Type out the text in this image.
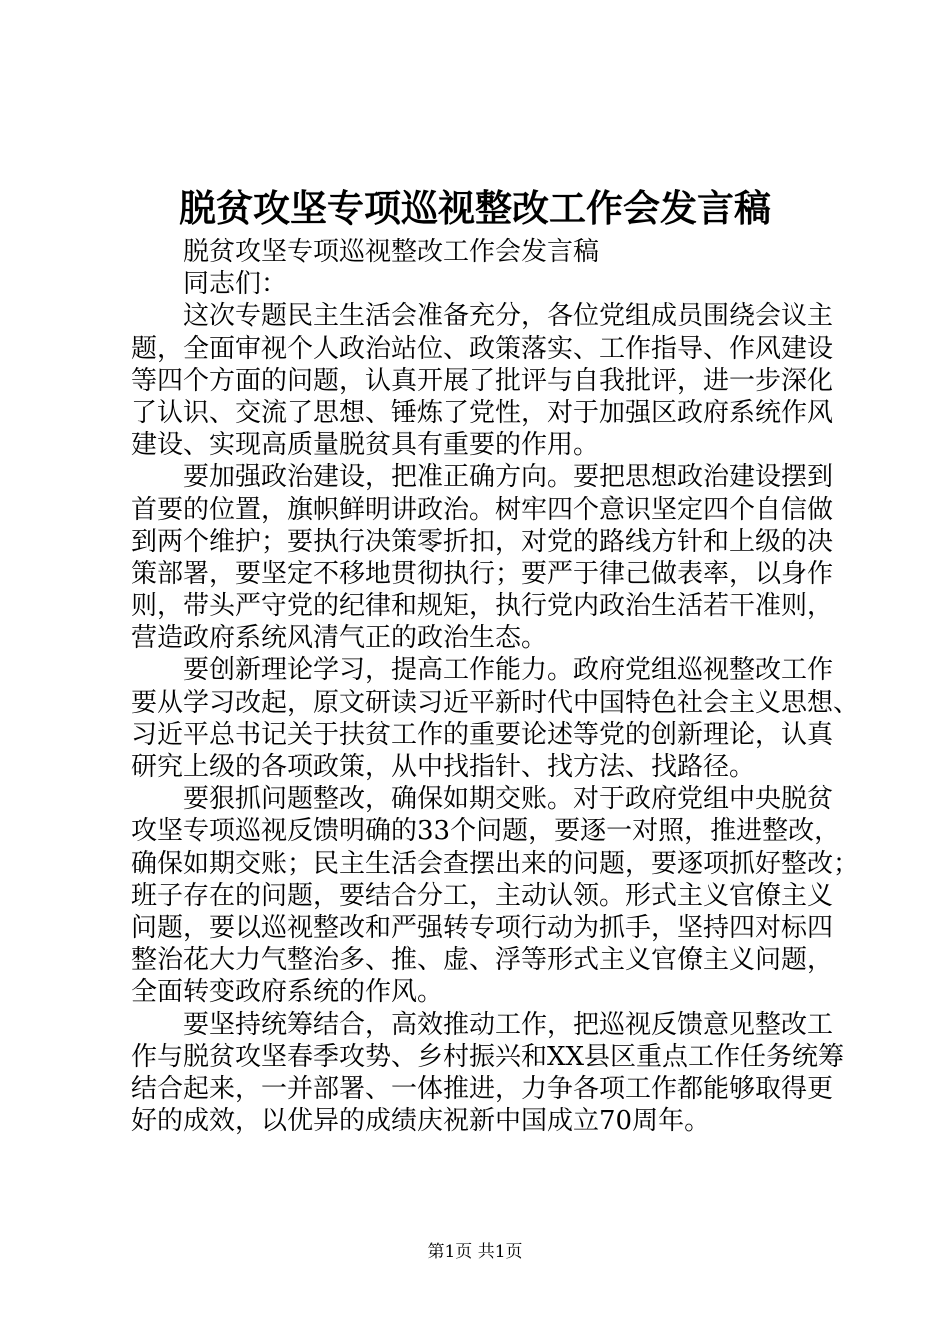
脱贫攻坚专项巡视整改工作会发言稿
脱贫攻坚专项巡视整改工作会发言稿
同志们：
这次专题民主生活会准备充分，各位党组成员围绕会议主
题，全面审视个人政治站位、政策落实、工作指导、作风建设
等四个方面的问题，认真开展了批评与自我批评，进一步深化
了认识、交流了思想、锤炼了党性，对于加强区政府系统作风
建设、实现高质量脱贫具有重要的作用。
要加强政治建设，把准正确方向。要把思想政治建设摆到
首要的位置，旗帜鲜明讲政治。树牢四个意识坚定四个自信做
到两个维护；要执行决策零折扣，对党的路线方针和上级的决
策部署，要坚定不移地贯彻执行；要严于律己做表率，以身作
则，带头严守党的纪律和规矩，执行党内政治生活若干准则，
营造政府系统风清气正的政治生态。
要创新理论学习，提高工作能力。政府党组巡视整改工作
要从学习改起，原文研读习近平新时代中国特色社会主义思想、
习近平总书记关于扶贫工作的重要论述等党的创新理论，认真
研究上级的各项政策，从中找指针、找方法、找路径。
要狠抓问题整改，确保如期交账。对于政府党组中央脱贫
攻坚专项巡视反馈明确的33个问题，要逐一对照，推进整改，
确保如期交账；民主生活会查摆出来的问题，要逐项抓好整改；
班子存在的问题，要结合分工，主动认领。形式主义官僚主义
问题，要以巡视整改和严强转专项行动为抓手，坚持四对标四
整治花大力气整治多、推、虚、浮等形式主义官僚主义问题，
全面转变政府系统的作风。
要坚持统筹结合，高效推动工作，把巡视反馈意见整改工
作与脱贫攻坚春季攻势、乡村振兴和XX县区重点工作任务统筹
结合起来，一并部署、一体推进，力争各项工作都能够取得更
好的成效，以优异的成绩庆祝新中国成立70周年。
第1页 共1页
